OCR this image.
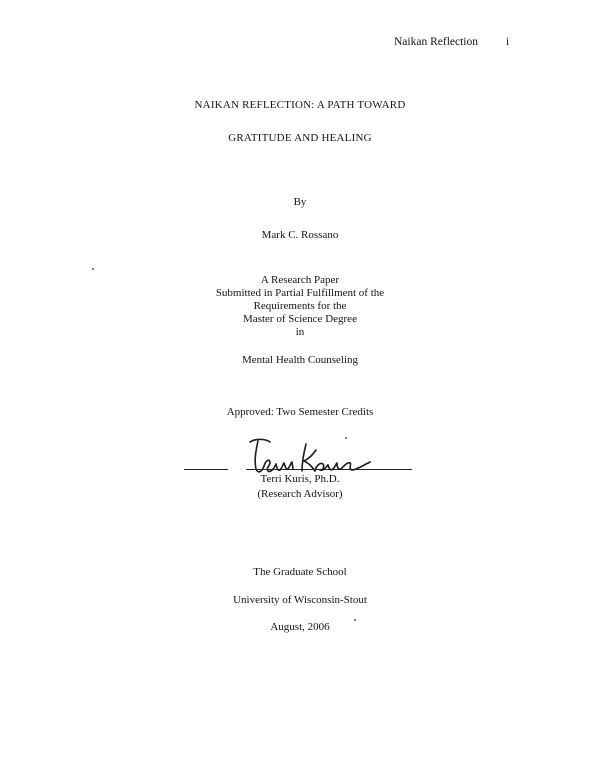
Naikan Reflection i
NAIKAN REFLECTION: A PATH TOWARD
GRATITUDE AND HEALING
By
Mark C. Rossano
A Research Paper
Submitted in Partial Fulfillment of the
Requirements for the
Master of Science Degree
in
Mental Health Counseling
Approved: Two Semester Credits
Terri Kuris, Ph.D.
(Research Advisor)
The Graduate School
University of Wisconsin-Stout
August, 2006
